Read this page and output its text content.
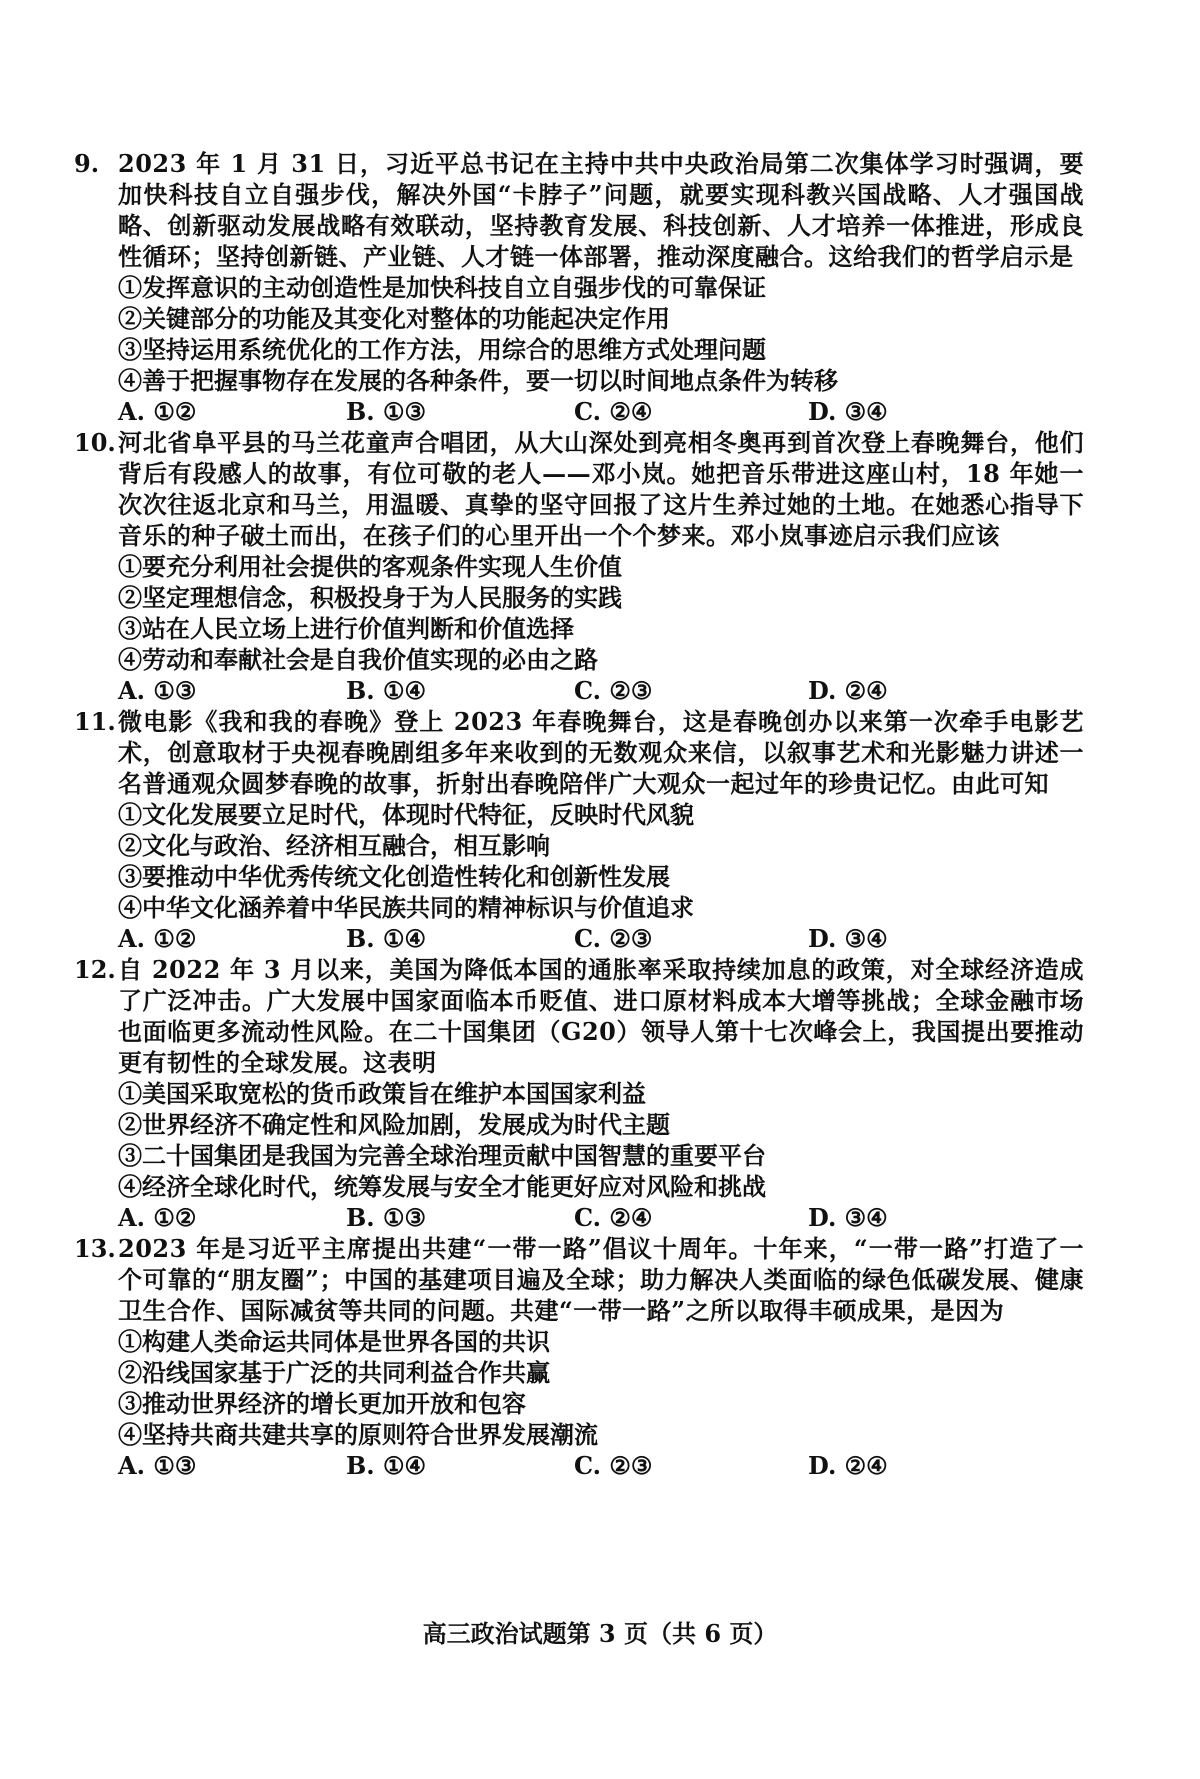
9. 2023 年 1 月 31 日，习近平总书记在主持中共中央政治局第二次集体学习时强调，要加快科技自立自强步伐，解决外国“卡脖子”问题，就要实现科教兴国战略、人才强国战略、创新驱动发展战略有效联动，坚持教育发展、科技创新、人才培养一体推进，形成良性循环；坚持创新链、产业链、人才链一体部署，推动深度融合。这给我们的哲学启示是
①发挥意识的主动创造性是加快科技自立自强步伐的可靠保证
②关键部分的功能及其变化对整体的功能起决定作用
③坚持运用系统优化的工作方法，用综合的思维方式处理问题
④善于把握事物存在发展的各种条件，要一切以时间地点条件为转移
A. ①②	B. ①③	C. ②④	D. ③④
10. 河北省阜平县的马兰花童声合唱团，从大山深处到亮相冬奥再到首次登上春晚舞台，他们背后有段感人的故事，有位可敬的老人——邓小岚。她把音乐带进这座山村，18 年她一次次往返北京和马兰，用温暖、真挚的坚守回报了这片生养过她的土地。在她悉心指导下音乐的种子破土而出，在孩子们的心里开出一个个梦来。邓小岚事迹启示我们应该
①要充分利用社会提供的客观条件实现人生价值
②坚定理想信念，积极投身于为人民服务的实践
③站在人民立场上进行价值判断和价值选择
④劳动和奉献社会是自我价值实现的必由之路
A. ①③	B. ①④	C. ②③	D. ②④
11. 微电影《我和我的春晚》登上 2023 年春晚舞台，这是春晚创办以来第一次牵手电影艺术，创意取材于央视春晚剧组多年来收到的无数观众来信，以叙事艺术和光影魅力讲述一名普通观众圆梦春晚的故事，折射出春晚陪伴广大观众一起过年的珍贵记忆。由此可知
①文化发展要立足时代，体现时代特征，反映时代风貌
②文化与政治、经济相互融合，相互影响
③要推动中华优秀传统文化创造性转化和创新性发展
④中华文化涵养着中华民族共同的精神标识与价值追求
A. ①②	B. ①④	C. ②③	D. ③④
12. 自 2022 年 3 月以来，美国为降低本国的通胀率采取持续加息的政策，对全球经济造成了广泛冲击。广大发展中国家面临本币贬值、进口原材料成本大增等挑战；全球金融市场也面临更多流动性风险。在二十国集团（G20）领导人第十七次峰会上，我国提出要推动更有韧性的全球发展。这表明
①美国采取宽松的货币政策旨在维护本国国家利益
②世界经济不确定性和风险加剧，发展成为时代主题
③二十国集团是我国为完善全球治理贡献中国智慧的重要平台
④经济全球化时代，统筹发展与安全才能更好应对风险和挑战
A. ①②	B. ①③	C. ②④	D. ③④
13. 2023 年是习近平主席提出共建“一带一路”倡议十周年。十年来，“一带一路”打造了一个可靠的“朋友圈”；中国的基建项目遍及全球；助力解决人类面临的绿色低碳发展、健康卫生合作、国际减贫等共同的问题。共建“一带一路”之所以取得丰硕成果，是因为
①构建人类命运共同体是世界各国的共识
②沿线国家基于广泛的共同利益合作共赢
③推动世界经济的增长更加开放和包容
④坚持共商共建共享的原则符合世界发展潮流
A. ①③	B. ①④	C. ②③	D. ②④
高三政治试题第 3 页（共 6 页）
